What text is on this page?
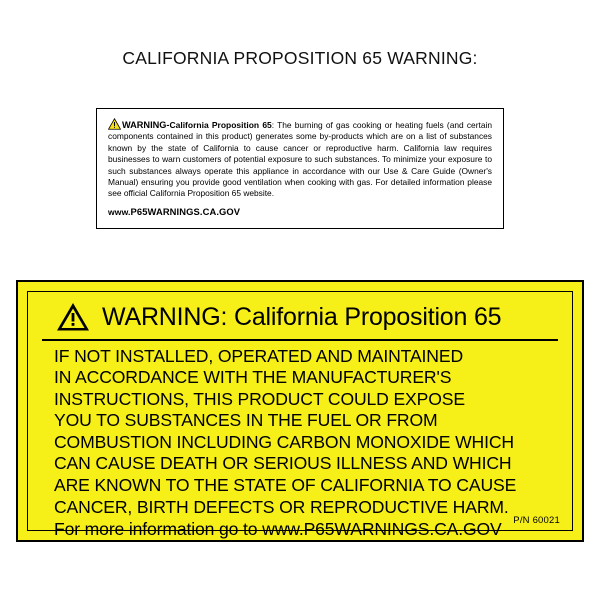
CALIFORNIA PROPOSITION 65 WARNING:
WARNING-California Proposition 65: The burning of gas cooking or heating fuels (and certain components contained in this product) generates some by-products which are on a list of substances known by the state of California to cause cancer or reproductive harm. California law requires businesses to warn customers of potential exposure to such substances. To minimize your exposure to such substances always operate this appliance in accordance with our Use & Care Guide (Owner's Manual) ensuring you provide good ventilation when cooking with gas. For detailed information please see official California Proposition 65 website.
www.P65WARNINGS.CA.GOV
WARNING: California Proposition 65
IF NOT INSTALLED, OPERATED AND MAINTAINED
IN ACCORDANCE WITH THE MANUFACTURER'S
INSTRUCTIONS, THIS PRODUCT COULD EXPOSE
YOU TO SUBSTANCES IN THE FUEL OR FROM
COMBUSTION INCLUDING CARBON MONOXIDE WHICH
CAN CAUSE DEATH OR SERIOUS ILLNESS AND WHICH
ARE KNOWN TO THE STATE OF CALIFORNIA TO CAUSE
CANCER, BIRTH DEFECTS OR REPRODUCTIVE HARM.
For more information go to www.P65WARNINGS.CA.GOV	P/N 60021
